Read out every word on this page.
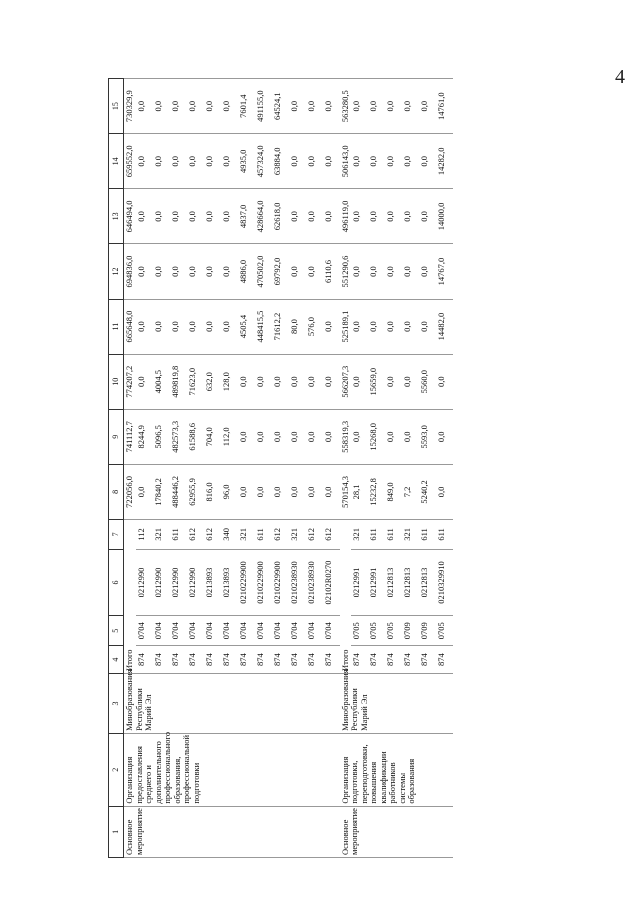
4
1	2	3	4	5	6	7	8	9	10	11	12	13	14	15
Основное мероприятие	Организация предоставления среднего и дополнительного профессионального образования, профессиональной подготовки	Минобразования Республики Марий Эл	Итого				722056,0	741112,7	774207,2	665648,0	694836,0	646494,0	659552,0	730329,9
			874	0704	0212990	112	0,0	8244,9	0,0	0,0	0,0	0,0	0,0	0,0
			874	0704	0212990	321	17840,2	5096,5	4004,5	0,0	0,0	0,0	0,0	0,0
			874	0704	0212990	611	488446,2	482573,3	489819,8	0,0	0,0	0,0	0,0	0,0
			874	0704	0212990	612	62955,9	61588,6	71623,0	0,0	0,0	0,0	0,0	0,0
			874	0704	0213893	612	816,0	704,0	632,0	0,0	0,0	0,0	0,0	0,0
			874	0704	0213893	340	96,0	112,0	128,0	0,0	0,0	0,0	0,0	0,0
			874	0704	0210229900	321	0,0	0,0	0,0	4505,4	4886,0	4837,0	4935,0	7601,4
			874	0704	0210229900	611	0,0	0,0	0,0	448415,5	470502,0	428664,0	457324,0	491155,0
			874	0704	0210229900	612	0,0	0,0	0,0	71612,2	69792,0	62618,0	63884,0	64524,1
			874	0704	0210238930	321	0,0	0,0	0,0	80,0	0,0	0,0	0,0	0,0
			874	0704	0210238930	612	0,0	0,0	0,0	576,0	0,0	0,0	0,0	0,0
			874	0704	02102R0270	612	0,0	0,0	0,0	0,0	6110,6	0,0	0,0	0,0
Основное мероприятие	Организация подготовки, переподготовки, повышения квалификации работников системы образования	Минобразования Республики Марий Эл	Итого				570154,3	558319,3	566207,3	525189,1	551290,6	496119,0	506143,0	563280,5
			874	0705	0212991	321	28,1	0,0	0,0	0,0	0,0	0,0	0,0	0,0
			874	0705	0212991	611	15232,8	15268,0	15659,0	0,0	0,0	0,0	0,0	0,0
			874	0705	0212813	611	849,0	0,0	0,0	0,0	0,0	0,0	0,0	0,0
			874	0709	0212813	321	7,2	0,0	0,0	0,0	0,0	0,0	0,0	0,0
			874	0709	0212813	611	5240,2	5593,0	5560,0	0,0	0,0	0,0	0,0	0,0
			874	0705	0210329910	611	0,0	0,0	0,0	14482,0	14767,0	14000,0	14282,0	14761,0
